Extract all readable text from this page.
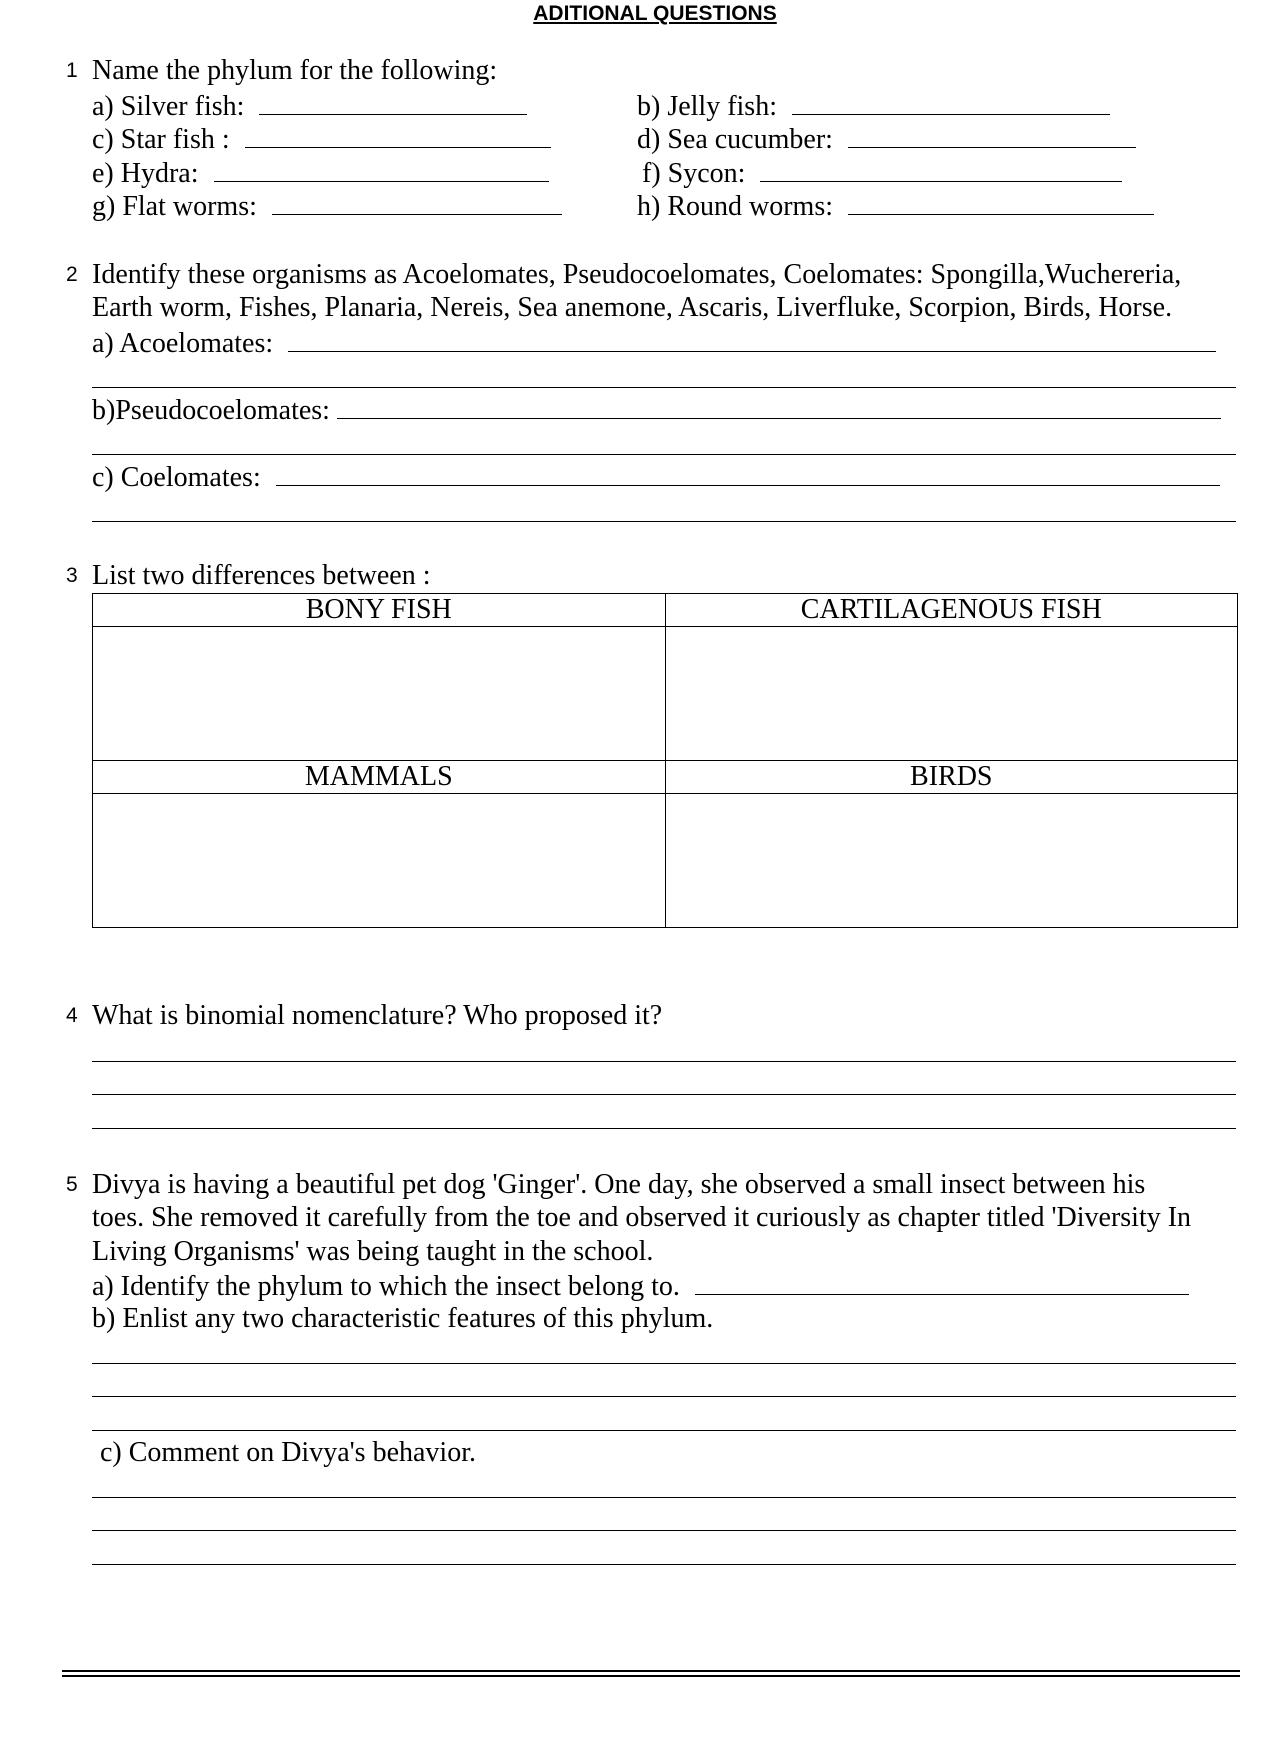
ADITIONAL QUESTIONS
1 Name the phylum for the following:
a) Silver fish:	b) Jelly fish:
c) Star fish :	d) Sea cucumber:
e) Hydra:	f) Sycon:
g) Flat worms:	h) Round worms:
2 Identify these organisms as Acoelomates, Pseudocoelomates, Coelomates: Spongilla,Wuchereria,
Earth worm, Fishes, Planaria, Nereis, Sea anemone, Ascaris, Liverfluke, Scorpion, Birds, Horse.
a) Acoelomates:
b)Pseudocoelomates:
c) Coelomates:
3 List two differences between :
BONY FISH	CARTILAGENOUS FISH

MAMMALS	BIRDS

4 What is binomial nomenclature? Who proposed it?
5 Divya is having a beautiful pet dog 'Ginger'. One day, she observed a small insect between his
toes. She removed it carefully from the toe and observed it curiously as chapter titled 'Diversity In
Living Organisms' was being taught in the school.
a) Identify the phylum to which the insect belong to.
b) Enlist any two characteristic features of this phylum.
c) Comment on Divya's behavior.
